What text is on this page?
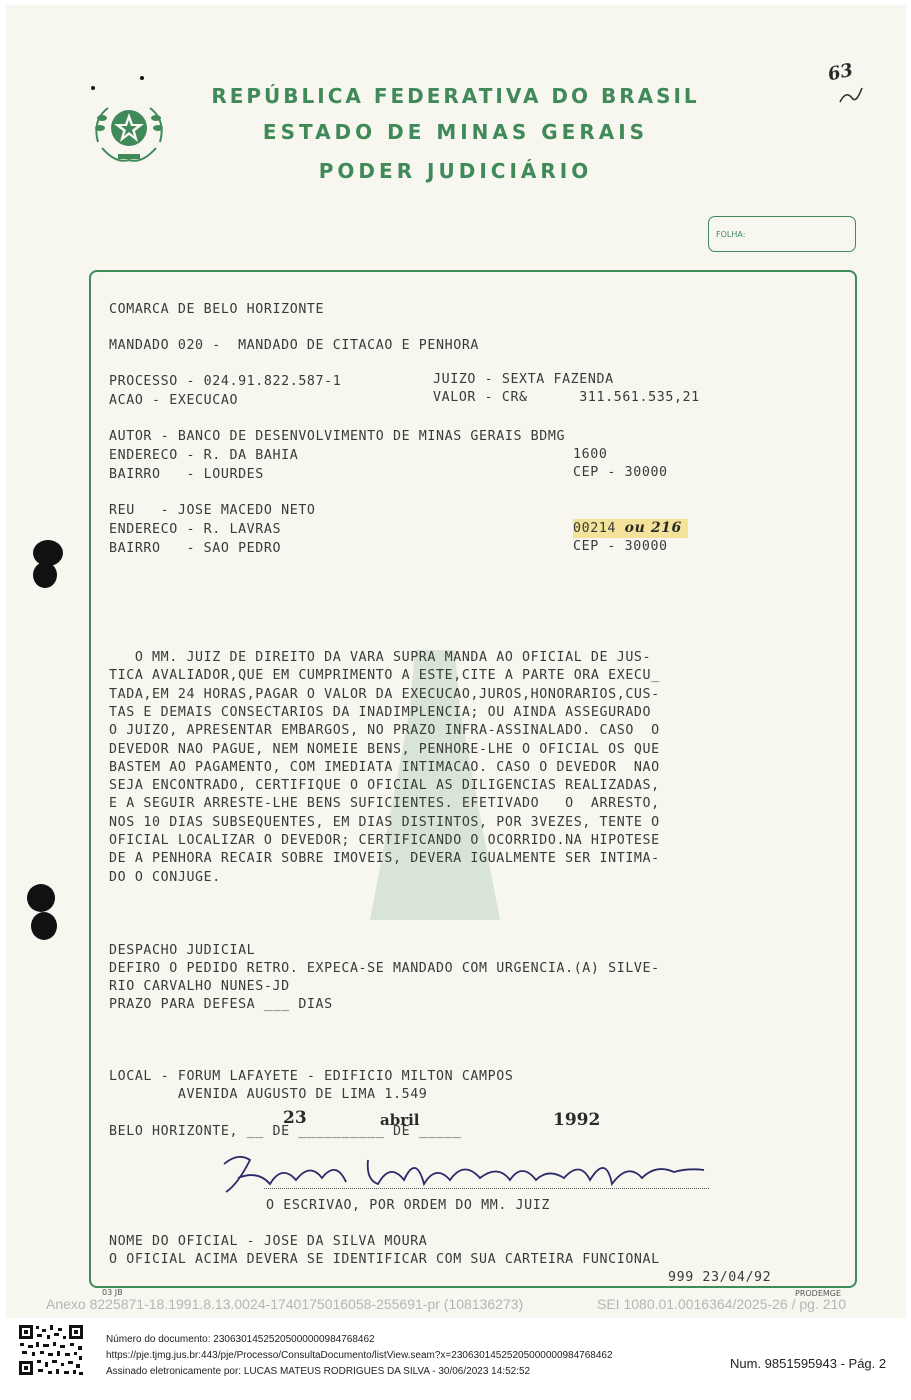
REPÚBLICA FEDERATIVA DO BRASIL
ESTADO DE MINAS GERAIS
PODER JUDICIÁRIO
63
FOLHA:
COMARCA DE BELO HORIZONTE
MANDADO 020 -  MANDADO DE CITACAO E PENHORA
PROCESSO - 024.91.822.587-1	JUIZO - SEXTA FAZENDA
ACAO - EXECUCAO	VALOR - CR&      311.561.535,21
AUTOR - BANCO DE DESENVOLVIMENTO DE MINAS GERAIS BDMG
ENDERECO - R. DA BAHIA	1600
BAIRRO   - LOURDES	CEP - 30000
REU   - JOSE MACEDO NETO
ENDERECO - R. LAVRAS	00214 ou 216
BAIRRO   - SAO PEDRO	CEP - 30000
O MM. JUIZ DE DIREITO DA VARA SUPRA MANDA AO OFICIAL DE JUS-
TICA AVALIADOR,QUE EM CUMPRIMENTO A ESTE,CITE A PARTE ORA EXECU_
TADA,EM 24 HORAS,PAGAR O VALOR DA EXECUCAO,JUROS,HONORARIOS,CUS-
TAS E DEMAIS CONSECTARIOS DA INADIMPLENCIA; OU AINDA ASSEGURADO
O JUIZO, APRESENTAR EMBARGOS, NO PRAZO INFRA-ASSINALADO. CASO  O
DEVEDOR NAO PAGUE, NEM NOMEIE BENS, PENHORE-LHE O OFICIAL OS QUE
BASTEM AO PAGAMENTO, COM IMEDIATA INTIMACAO. CASO O DEVEDOR  NAO
SEJA ENCONTRADO, CERTIFIQUE O OFICIAL AS DILIGENCIAS REALIZADAS,
E A SEGUIR ARRESTE-LHE BENS SUFICIENTES. EFETIVADO   O  ARRESTO,
NOS 10 DIAS SUBSEQUENTES, EM DIAS DISTINTOS, POR 3VEZES, TENTE O
OFICIAL LOCALIZAR O DEVEDOR; CERTIFICANDO O OCORRIDO.NA HIPOTESE
DE A PENHORA RECAIR SOBRE IMOVEIS, DEVERA IGUALMENTE SER INTIMA-
DO O CONJUGE.
DESPACHO JUDICIAL
DEFIRO O PEDIDO RETRO. EXPECA-SE MANDADO COM URGENCIA.(A) SILVE-
RIO CARVALHO NUNES-JD
PRAZO PARA DEFESA ___ DIAS
LOCAL - FORUM LAFAYETE - EDIFICIO MILTON CAMPOS
AVENIDA AUGUSTO DE LIMA 1.549
BELO HORIZONTE, __ DE __________ DE _____
23	abril	1992
O ESCRIVAO, POR ORDEM DO MM. JUIZ
NOME DO OFICIAL - JOSE DA SILVA MOURA
O OFICIAL ACIMA DEVERA SE IDENTIFICAR COM SUA CARTEIRA FUNCIONAL
999 23/04/92
03 JB	PRODEMGE
Anexo 8225871-18.1991.8.13.0024-1740175016058-255691-pr (108136273)	SEI 1080.01.0016364/2025-26 / pg. 210
Número do documento: 23063014525205000000984768462
https://pje.tjmg.jus.br:443/pje/Processo/ConsultaDocumento/listView.seam?x=23063014525205000000984768462
Assinado eletronicamente por: LUCAS MATEUS RODRIGUES DA SILVA - 30/06/2023 14:52:52
Num. 9851595943 - Pág. 2
